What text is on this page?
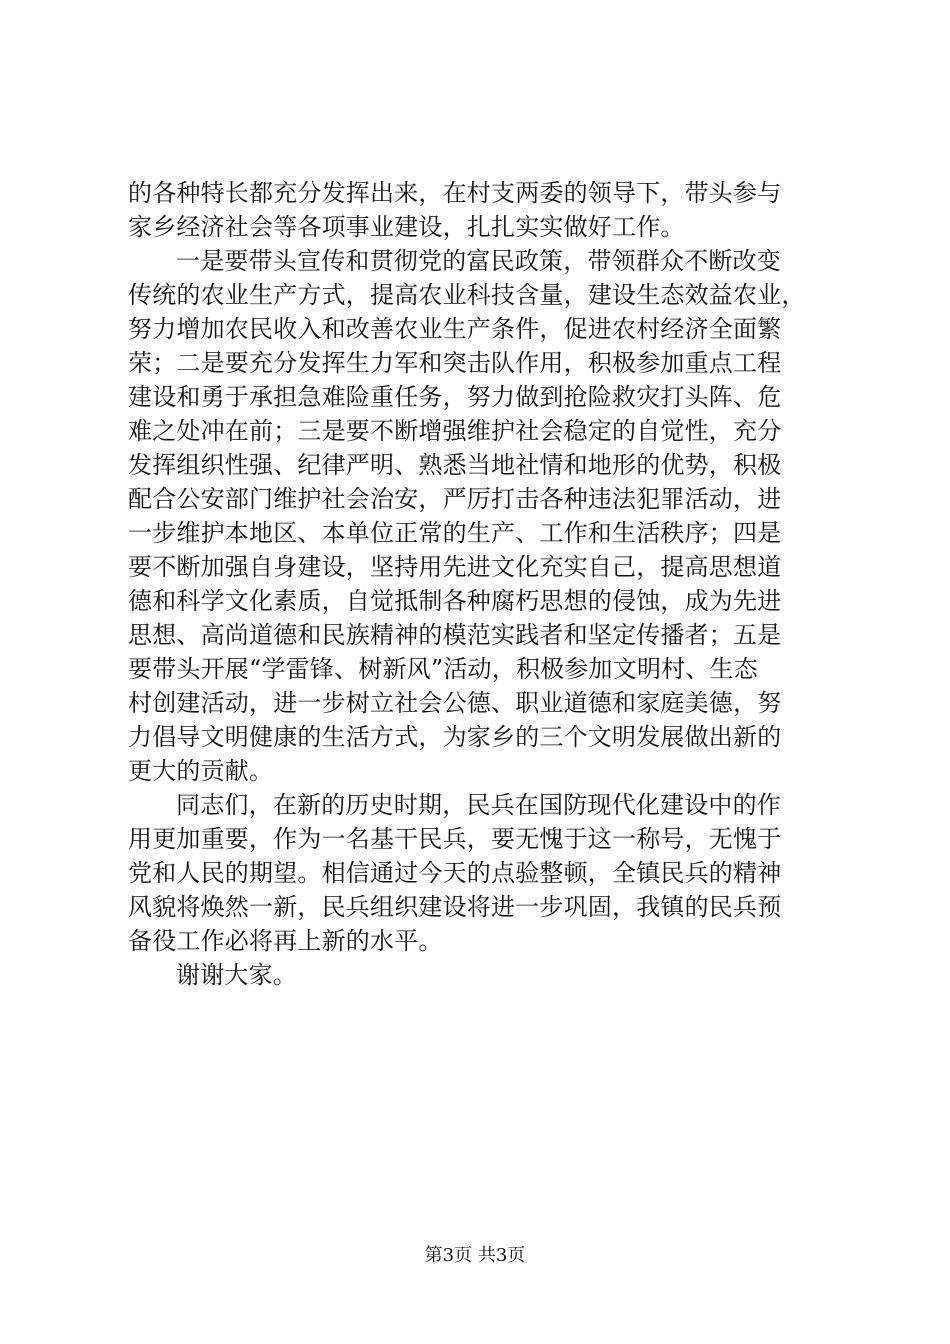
的各种特长都充分发挥出来，在村支两委的领导下，带头参与
家乡经济社会等各项事业建设，扎扎实实做好工作。
一是要带头宣传和贯彻党的富民政策，带领群众不断改变
传统的农业生产方式，提高农业科技含量，建设生态效益农业，
努力增加农民收入和改善农业生产条件，促进农村经济全面繁
荣；二是要充分发挥生力军和突击队作用，积极参加重点工程
建设和勇于承担急难险重任务，努力做到抢险救灾打头阵、危
难之处冲在前；三是要不断增强维护社会稳定的自觉性，充分
发挥组织性强、纪律严明、熟悉当地社情和地形的优势，积极
配合公安部门维护社会治安，严厉打击各种违法犯罪活动，进
一步维护本地区、本单位正常的生产、工作和生活秩序；四是
要不断加强自身建设，坚持用先进文化充实自己，提高思想道
德和科学文化素质，自觉抵制各种腐朽思想的侵蚀，成为先进
思想、高尚道德和民族精神的模范实践者和坚定传播者；五是
要带头开展“学雷锋、树新风”活动，积极参加文明村、生态
村创建活动，进一步树立社会公德、职业道德和家庭美德，努
力倡导文明健康的生活方式，为家乡的三个文明发展做出新的
更大的贡献。
同志们，在新的历史时期，民兵在国防现代化建设中的作
用更加重要，作为一名基干民兵，要无愧于这一称号，无愧于
党和人民的期望。相信通过今天的点验整顿，全镇民兵的精神
风貌将焕然一新，民兵组织建设将进一步巩固，我镇的民兵预
备役工作必将再上新的水平。
谢谢大家。
第3页 共3页
